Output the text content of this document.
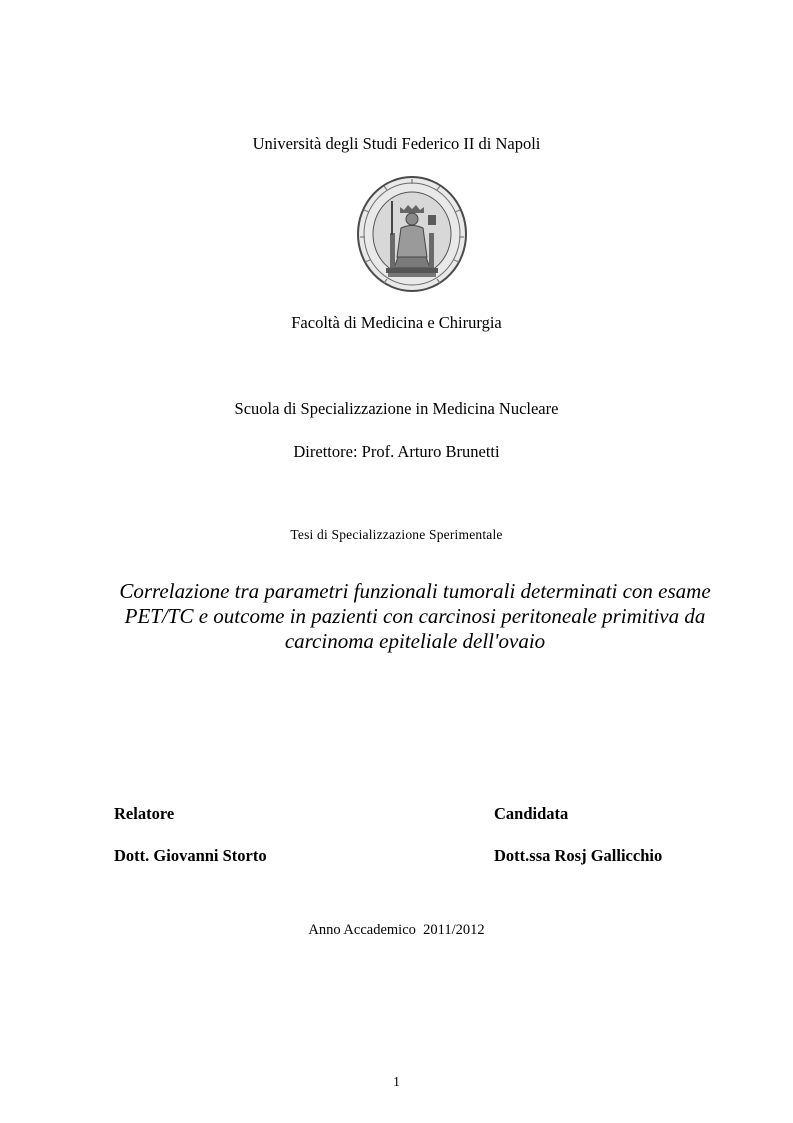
Università degli Studi Federico II di Napoli
Facoltà di Medicina e Chirurgia
Scuola di Specializzazione in Medicina Nucleare
Direttore: Prof. Arturo Brunetti
Tesi di Specializzazione Sperimentale
Correlazione tra parametri funzionali tumorali determinati con esame
PET/TC e outcome in pazienti con carcinosi peritoneale primitiva da
carcinoma epiteliale dell'ovaio
Relatore
Dott. Giovanni Storto
Candidata
Dott.ssa Rosj Gallicchio
Anno Accademico  2011/2012
1
